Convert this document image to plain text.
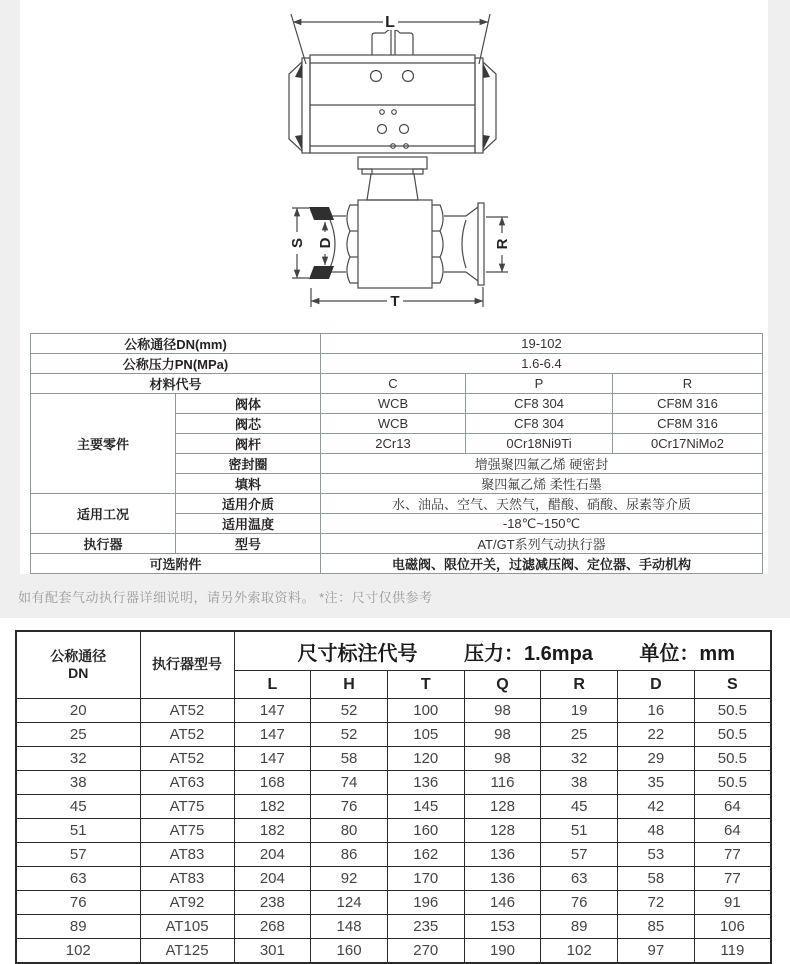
L
S D	R
T
公称通径DN(mm)		19-102		
公称压力PN(MPa)		1.6-6.4		
材料代号		C	P	R
主要零件	阀体	WCB	CF8 304	CF8M 316
	阀芯	WCB	CF8 304	CF8M 316
	阀杆	2Cr13	0Cr18Ni9Ti	0Cr17NiMo2
	密封圈	增强聚四氟乙烯 硬密封		
	填料	聚四氟乙烯 柔性石墨		
适用工况	适用介质	水、油品、空气、天然气，醋酸、硝酸、尿素等介质		
	适用温度	-18℃~150℃		
执行器	型号	AT/GT系列气动执行器		
可选附件		电磁阀、限位开关，过滤减压阀、定位器、手动机构		
如有配套气动执行器详细说明，请另外索取资料。 *注：尺寸仅供参考
公称通径
DN	执行器型号	尺寸标注代号 压力：1.6mpa 单位：mm						

		L	H	T	Q	R	D	S
20	AT52	147	52	100	98	19	16	50.5
25	AT52	147	52	105	98	25	22	50.5
32	AT52	147	58	120	98	32	29	50.5
38	AT63	168	74	136	116	38	35	50.5
45	AT75	182	76	145	128	45	42	64
51	AT75	182	80	160	128	51	48	64
57	AT83	204	86	162	136	57	53	77
63	AT83	204	92	170	136	63	58	77
76	AT92	238	124	196	146	76	72	91
89	AT105	268	148	235	153	89	85	106
102	AT125	301	160	270	190	102	97	119
